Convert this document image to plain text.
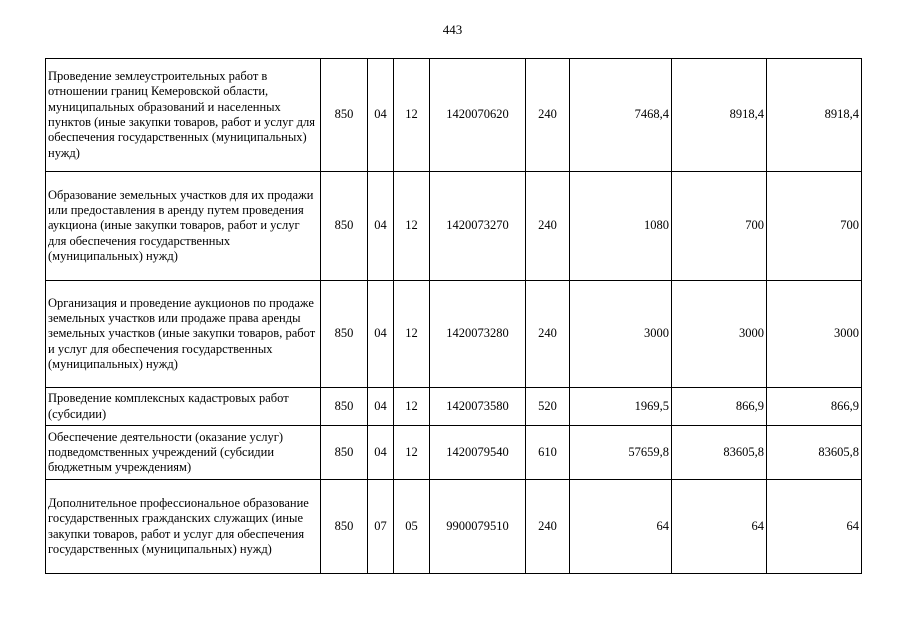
443
Проведение землеустроительных работ в отношении границ Кемеровской области, муниципальных образований и населенных пунктов (иные закупки товаров, работ и услуг для обеспечения государственных (муниципальных) нужд)	850	04	12	1420070620	240	7468,4	8918,4	8918,4
Образование земельных участков для их продажи или предоставления в аренду путем проведения аукциона (иные закупки товаров, работ и услуг для обеспечения государственных (муниципальных) нужд)	850	04	12	1420073270	240	1080	700	700
Организация и проведение аукционов по продаже земельных участков или продаже права аренды земельных участков (иные закупки товаров, работ и услуг для обеспечения государственных (муниципальных) нужд)	850	04	12	1420073280	240	3000	3000	3000
Проведение комплексных кадастровых работ (субсидии)	850	04	12	1420073580	520	1969,5	866,9	866,9
Обеспечение деятельности (оказание услуг) подведомственных учреждений (субсидии бюджетным учреждениям)	850	04	12	1420079540	610	57659,8	83605,8	83605,8
Дополнительное профессиональное образование государственных гражданских служащих (иные закупки товаров, работ и услуг для обеспечения государственных (муниципальных) нужд)	850	07	05	9900079510	240	64	64	64
